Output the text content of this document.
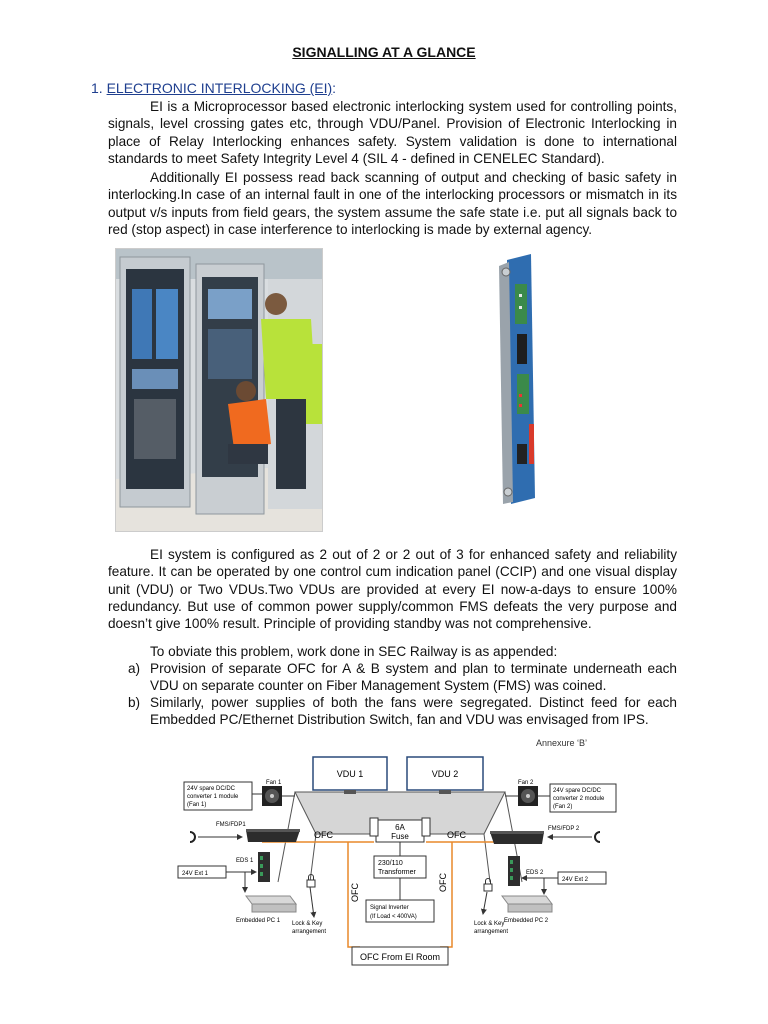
SIGNALLING AT A GLANCE
1. ELECTRONIC INTERLOCKING (EI):

EI is a Microprocessor based electronic interlocking system used for controlling points, signals, level crossing gates etc, through VDU/Panel. Provision of Electronic Interlocking in place of Relay Interlocking enhances safety. System validation is done to international standards to meet Safety Integrity Level 4 (SIL 4 - defined in CENELEC Standard).

Additionally EI possess read back scanning of output and checking of basic safety in interlocking.In case of an internal fault in one of the interlocking processors or mismatch in its output v/s inputs from field gears, the system assume the safe state i.e. put all signals back to red (stop aspect) in case interference to interlocking is made by external agency.

EI system is configured as 2 out of 2 or 2 out of 3 for enhanced safety and reliability feature. It can be operated by one control cum indication panel (CCIP) and one visual display unit (VDU) or Two VDUs.Two VDUs are provided at every EI now-a-days to ensure 100% redundancy. But use of common power supply/common FMS defeats the very purpose and doesn’t give 100% result. Principle of providing standby was not comprehensive.

To obviate this problem, work done in SEC Railway is as appended:

a) Provision of separate OFC for A & B system and plan to terminate underneath each VDU on separate counter on Fiber Management System (FMS) was coined.
b) Similarly, power supplies of both the fans were segregated. Distinct feed for each Embedded PC/Ethernet Distribution Switch, fan and VDU was envisaged from IPS.
Annexure ‘B’
VDU 1	VDU 2
6A
Fuse
OFC	OFC
OFC
OFC
230/110
Transformer
Signal Inverter
(If Load < 400VA)
OFC From EI Room
24V spare DC/DC
converter 1 module
(Fan 1)
Fan 1
FMS/FDP1
EDS 1
24V Ext 1
Embedded PC 1 Lock & Key
arrangement
24V spare DC/DC
converter 2 module
(Fan 2)
Fan 2
FMS/FDP 2
EDS 2
24V Ext 2
Embedded PC 2
Lock & Key
arrangement
